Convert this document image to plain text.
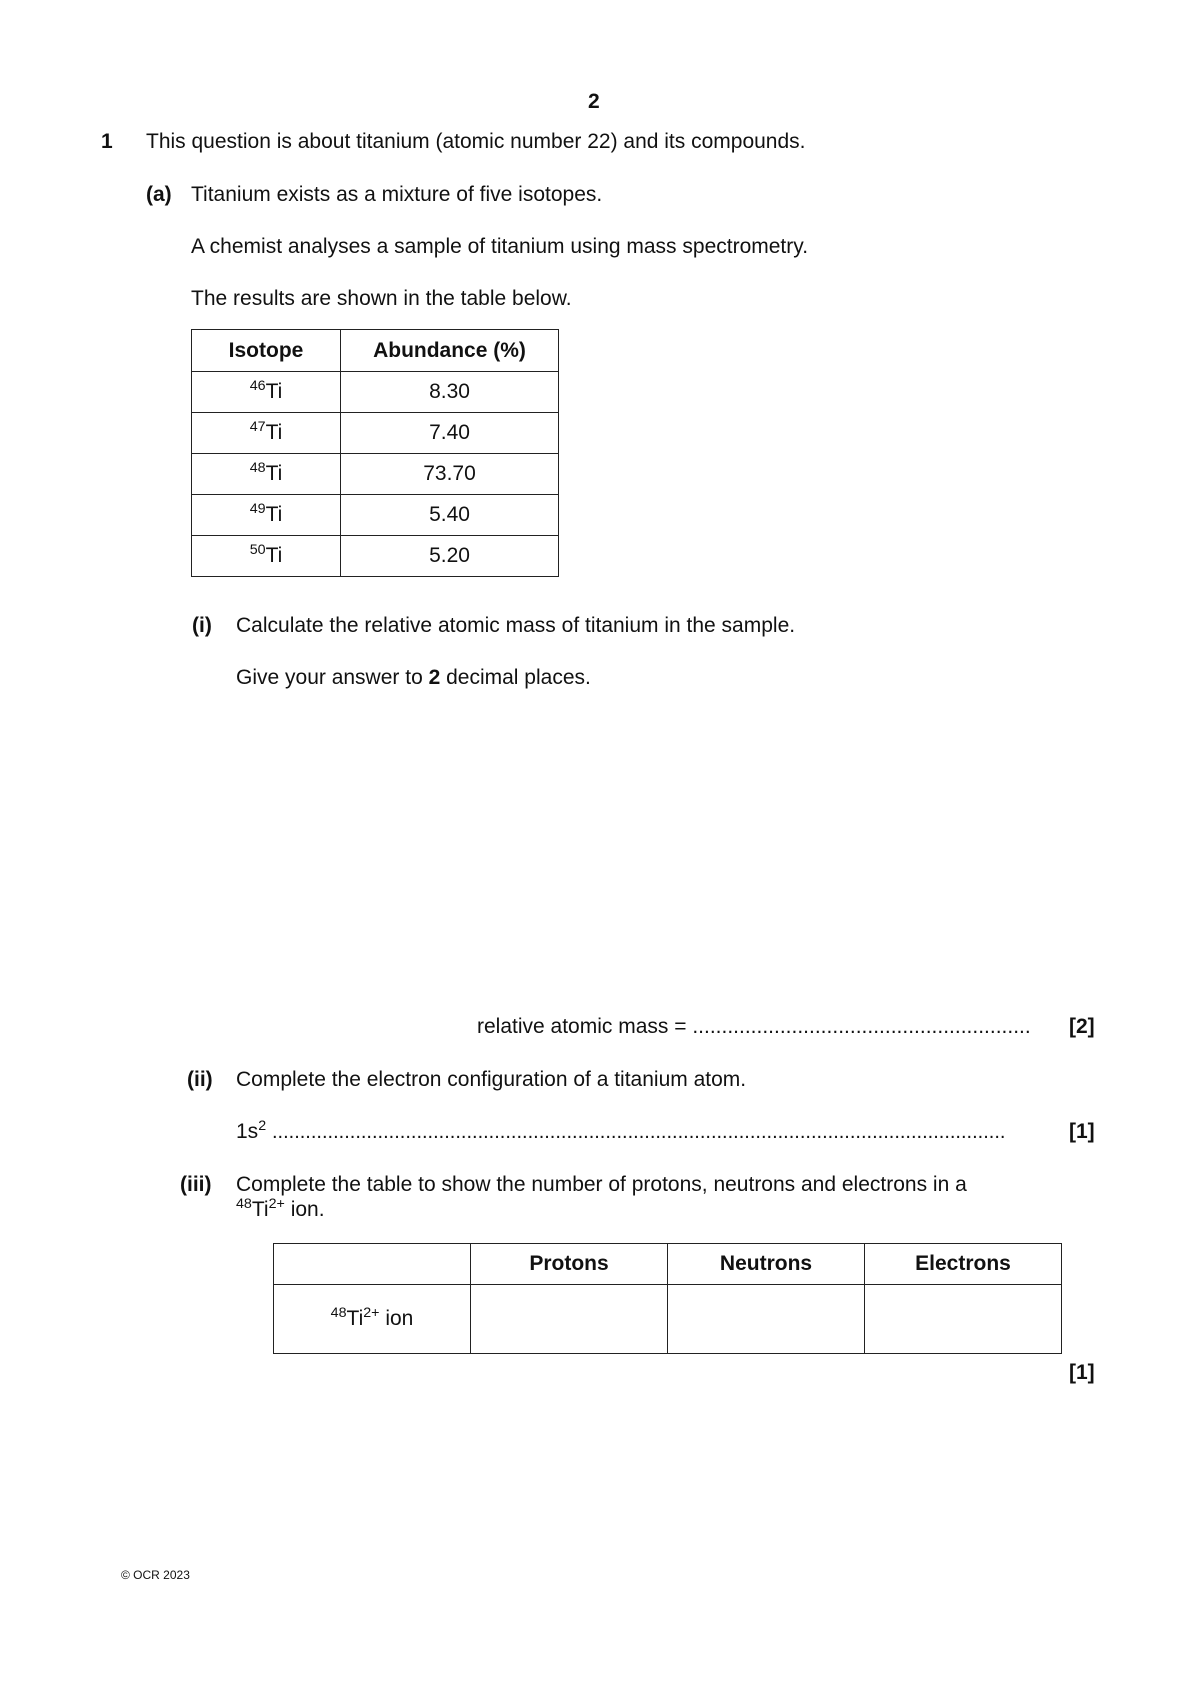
2
1 This question is about titanium (atomic number 22) and its compounds.
(a) Titanium exists as a mixture of five isotopes.
A chemist analyses a sample of titanium using mass spectrometry.
The results are shown in the table below.
Isotope	Abundance (%)
$^{46}$Ti	8.30
$^{47}$Ti	7.40
$^{48}$Ti	73.70
$^{49}$Ti	5.40
$^{50}$Ti	5.20
(i) Calculate the relative atomic mass of titanium in the sample.
Give your answer to 2 decimal places.
relative atomic mass = .......................................................... [2]
(ii) Complete the electron configuration of a titanium atom.
$1s^2$ ....................................................................................................................................	[1]
(iii) Complete the table to show the number of protons, neutrons and electrons in a
$^{48}Ti^{2+}$ ion.
	Protons	Neutrons	Electrons
$^{48}Ti^{2+}$ ion			
[1]
© OCR 2023
